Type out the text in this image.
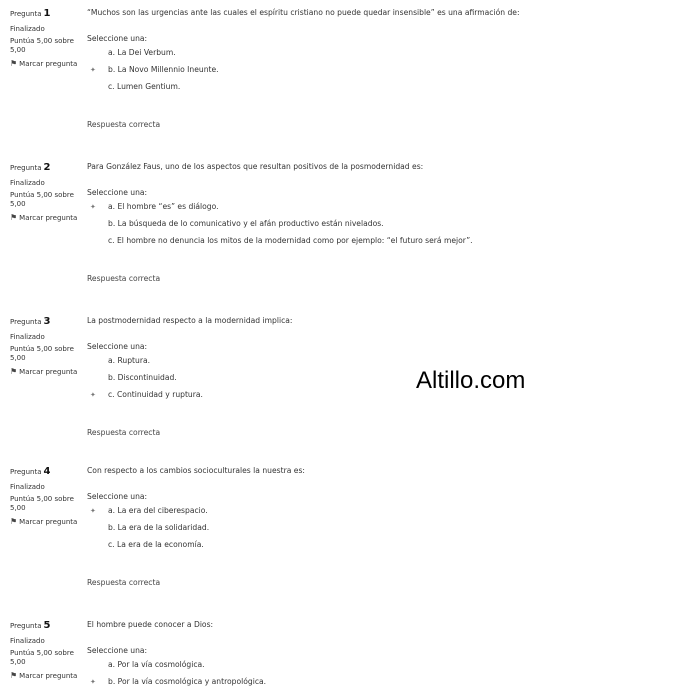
Pregunta 1
Finalizado
Puntúa 5,00 sobre 5,00
⚑ Marcar pregunta
“Muchos son las urgencias ante las cuales el espíritu cristiano no puede quedar insensible” es una afirmación de:
Seleccione una:
a. La Dei Verbum.
✦ b. La Novo Millennio Ineunte.
c. Lumen Gentium.
Respuesta correcta
Pregunta 2
Finalizado
Puntúa 5,00 sobre 5,00
⚑ Marcar pregunta
Para González Faus, uno de los aspectos que resultan positivos de la posmodernidad es:
Seleccione una:
✦ a. El hombre “es” es diálogo.
b. La búsqueda de lo comunicativo y el afán productivo están nivelados.
c. El hombre no denuncia los mitos de la modernidad como por ejemplo: “el futuro será mejor”.
Respuesta correcta
Pregunta 3
Finalizado
Puntúa 5,00 sobre 5,00
⚑ Marcar pregunta
La postmodernidad respecto a la modernidad implica:
Seleccione una:
a. Ruptura.
b. Discontinuidad.
✦ c. Continuidad y ruptura.
Respuesta correcta
Pregunta 4
Finalizado
Puntúa 5,00 sobre 5,00
⚑ Marcar pregunta
Con respecto a los cambios socioculturales la nuestra es:
Seleccione una:
✦ a. La era del ciberespacio.
b. La era de la solidaridad.
c. La era de la economía.
Respuesta correcta
Pregunta 5
Finalizado
Puntúa 5,00 sobre 5,00
⚑ Marcar pregunta
El hombre puede conocer a Dios:
Seleccione una:
a. Por la vía cosmológica.
✦ b. Por la vía cosmológica y antropológica.
Altillo.com
